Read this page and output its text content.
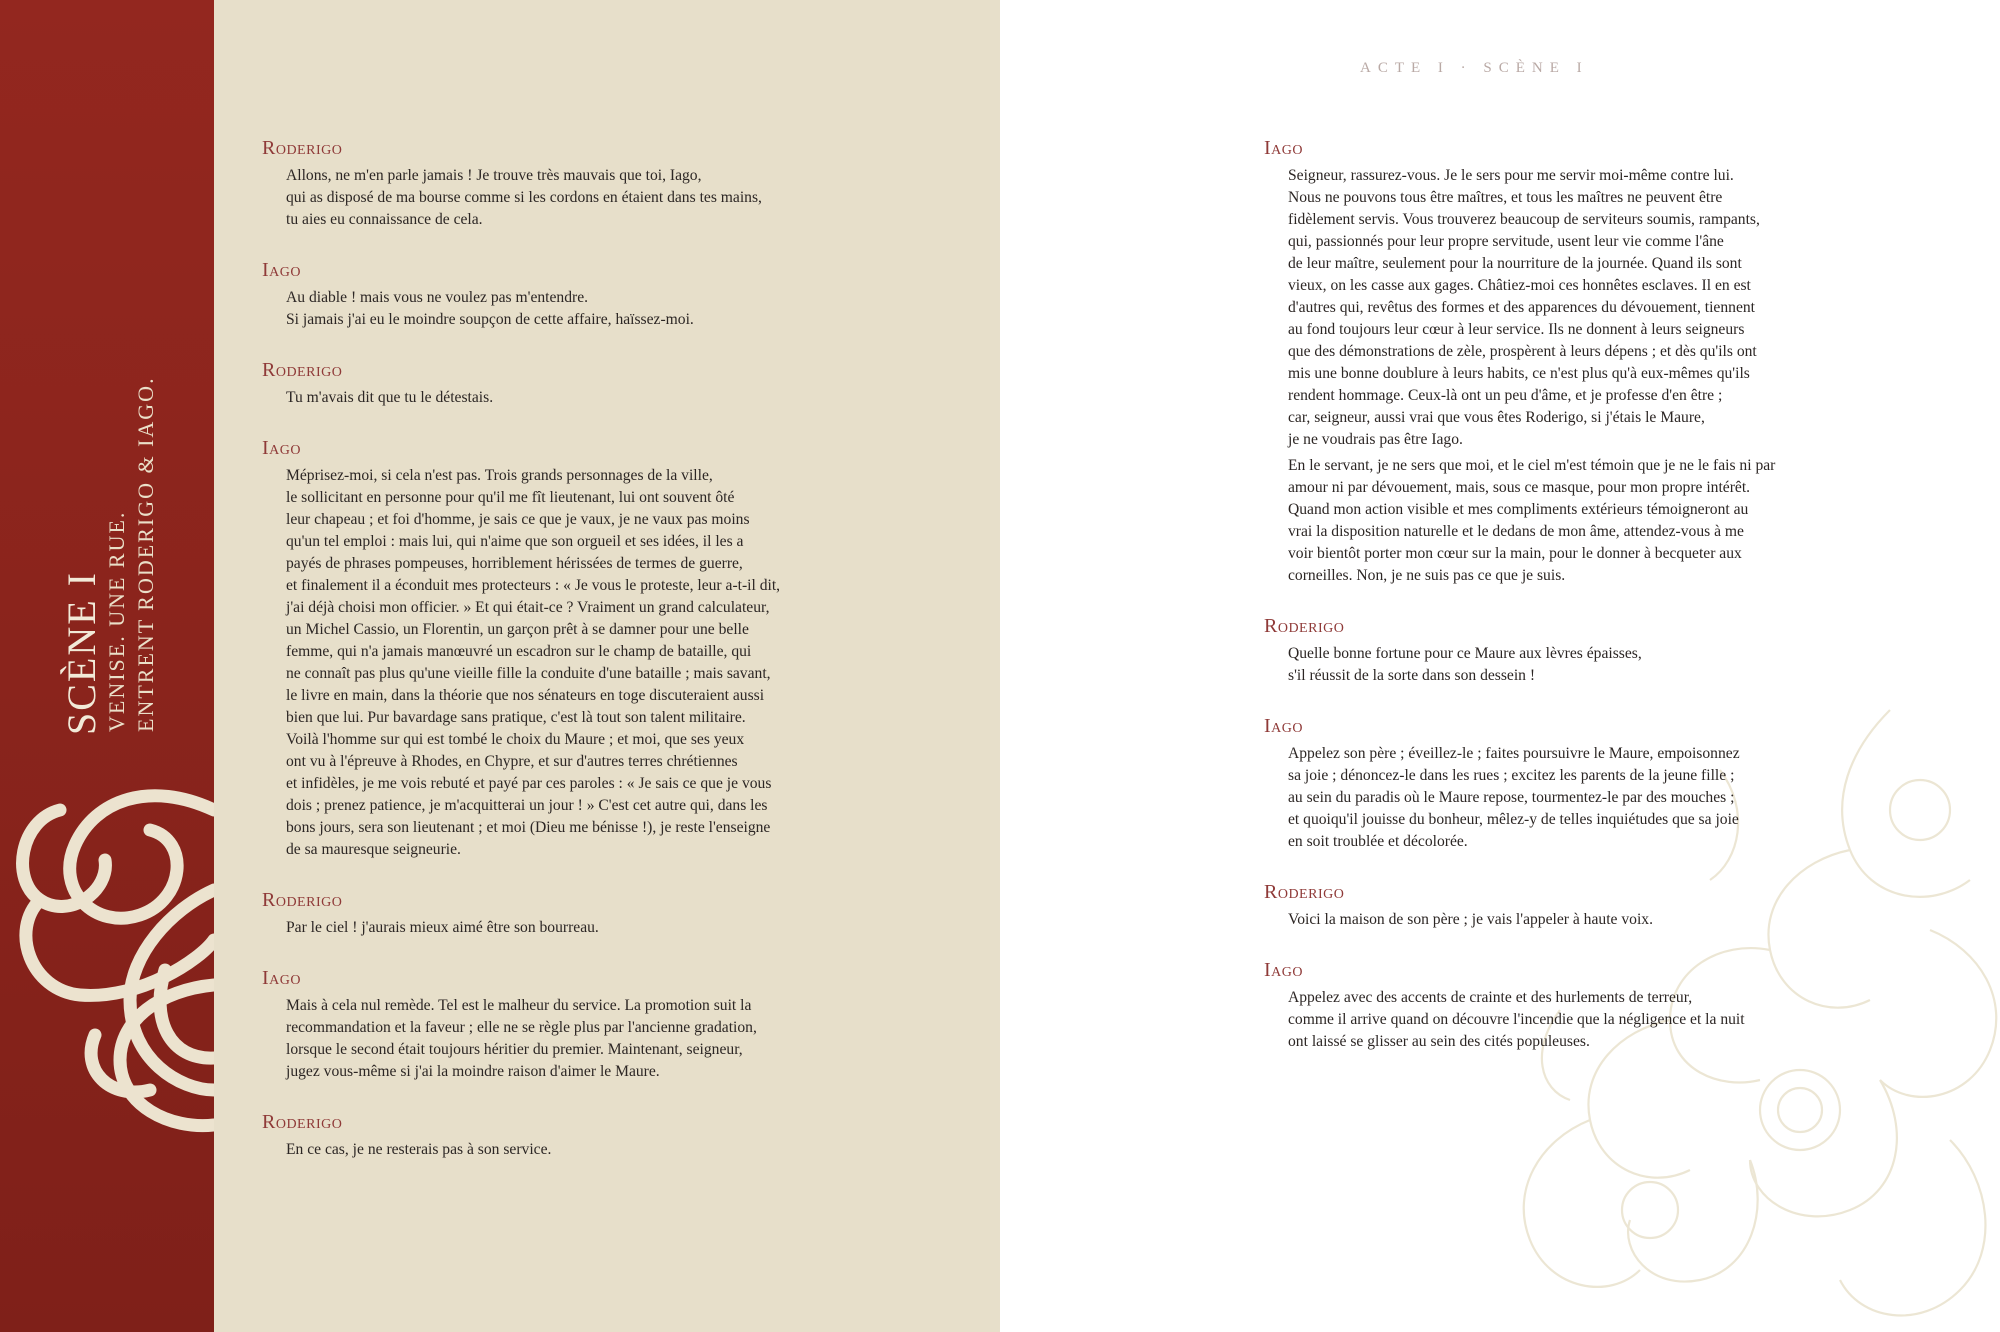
SCÈNE I VENISE. UNE RUE. ENTRENT RODERIGO & IAGO.
ACTE I · SCÈNE I
Roderigo
Allons, ne m'en parle jamais ! Je trouve très mauvais que toi, Iago,
qui as disposé de ma bourse comme si les cordons en étaient dans tes mains,
tu aies eu connaissance de cela.
Iago
Au diable ! mais vous ne voulez pas m'entendre.
Si jamais j'ai eu le moindre soupçon de cette affaire, haïssez-moi.
Roderigo
Tu m'avais dit que tu le détestais.
Iago
Méprisez-moi, si cela n'est pas. Trois grands personnages de la ville,
le sollicitant en personne pour qu'il me fît lieutenant, lui ont souvent ôté
leur chapeau ; et foi d'homme, je sais ce que je vaux, je ne vaux pas moins
qu'un tel emploi : mais lui, qui n'aime que son orgueil et ses idées, il les a
payés de phrases pompeuses, horriblement hérissées de termes de guerre,
et finalement il a éconduit mes protecteurs : « Je vous le proteste, leur a-t-il dit,
j'ai déjà choisi mon officier. » Et qui était-ce ? Vraiment un grand calculateur,
un Michel Cassio, un Florentin, un garçon prêt à se damner pour une belle
femme, qui n'a jamais manœuvré un escadron sur le champ de bataille, qui
ne connaît pas plus qu'une vieille fille la conduite d'une bataille ; mais savant,
le livre en main, dans la théorie que nos sénateurs en toge discuteraient aussi
bien que lui. Pur bavardage sans pratique, c'est là tout son talent militaire.
Voilà l'homme sur qui est tombé le choix du Maure ; et moi, que ses yeux
ont vu à l'épreuve à Rhodes, en Chypre, et sur d'autres terres chrétiennes
et infidèles, je me vois rebuté et payé par ces paroles : « Je sais ce que je vous
dois ; prenez patience, je m'acquitterai un jour ! » C'est cet autre qui, dans les
bons jours, sera son lieutenant ; et moi (Dieu me bénisse !), je reste l'enseigne
de sa mauresque seigneurie.
Roderigo
Par le ciel ! j'aurais mieux aimé être son bourreau.
Iago
Mais à cela nul remède. Tel est le malheur du service. La promotion suit la
recommandation et la faveur ; elle ne se règle plus par l'ancienne gradation,
lorsque le second était toujours héritier du premier. Maintenant, seigneur,
jugez vous-même si j'ai la moindre raison d'aimer le Maure.
Roderigo
En ce cas, je ne resterais pas à son service.
Iago
Seigneur, rassurez-vous. Je le sers pour me servir moi-même contre lui.
Nous ne pouvons tous être maîtres, et tous les maîtres ne peuvent être
fidèlement servis. Vous trouverez beaucoup de serviteurs soumis, rampants,
qui, passionnés pour leur propre servitude, usent leur vie comme l'âne
de leur maître, seulement pour la nourriture de la journée. Quand ils sont
vieux, on les casse aux gages. Châtiez-moi ces honnêtes esclaves. Il en est
d'autres qui, revêtus des formes et des apparences du dévouement, tiennent
au fond toujours leur cœur à leur service. Ils ne donnent à leurs seigneurs
que des démonstrations de zèle, prospèrent à leurs dépens ; et dès qu'ils ont
mis une bonne doublure à leurs habits, ce n'est plus qu'à eux-mêmes qu'ils
rendent hommage. Ceux-là ont un peu d'âme, et je professe d'en être ;
car, seigneur, aussi vrai que vous êtes Roderigo, si j'étais le Maure,
je ne voudrais pas être Iago.
En le servant, je ne sers que moi, et le ciel m'est témoin que je ne le fais ni par
amour ni par dévouement, mais, sous ce masque, pour mon propre intérêt.
Quand mon action visible et mes compliments extérieurs témoigneront au
vrai la disposition naturelle et le dedans de mon âme, attendez-vous à me
voir bientôt porter mon cœur sur la main, pour le donner à becqueter aux
corneilles. Non, je ne suis pas ce que je suis.
Roderigo
Quelle bonne fortune pour ce Maure aux lèvres épaisses,
s'il réussit de la sorte dans son dessein !
Iago
Appelez son père ; éveillez-le ; faites poursuivre le Maure, empoisonnez
sa joie ; dénoncez-le dans les rues ; excitez les parents de la jeune fille ;
au sein du paradis où le Maure repose, tourmentez-le par des mouches ;
et quoiqu'il jouisse du bonheur, mêlez-y de telles inquiétudes que sa joie
en soit troublée et décolorée.
Roderigo
Voici la maison de son père ; je vais l'appeler à haute voix.
Iago
Appelez avec des accents de crainte et des hurlements de terreur,
comme il arrive quand on découvre l'incendie que la négligence et la nuit
ont laissé se glisser au sein des cités populeuses.
